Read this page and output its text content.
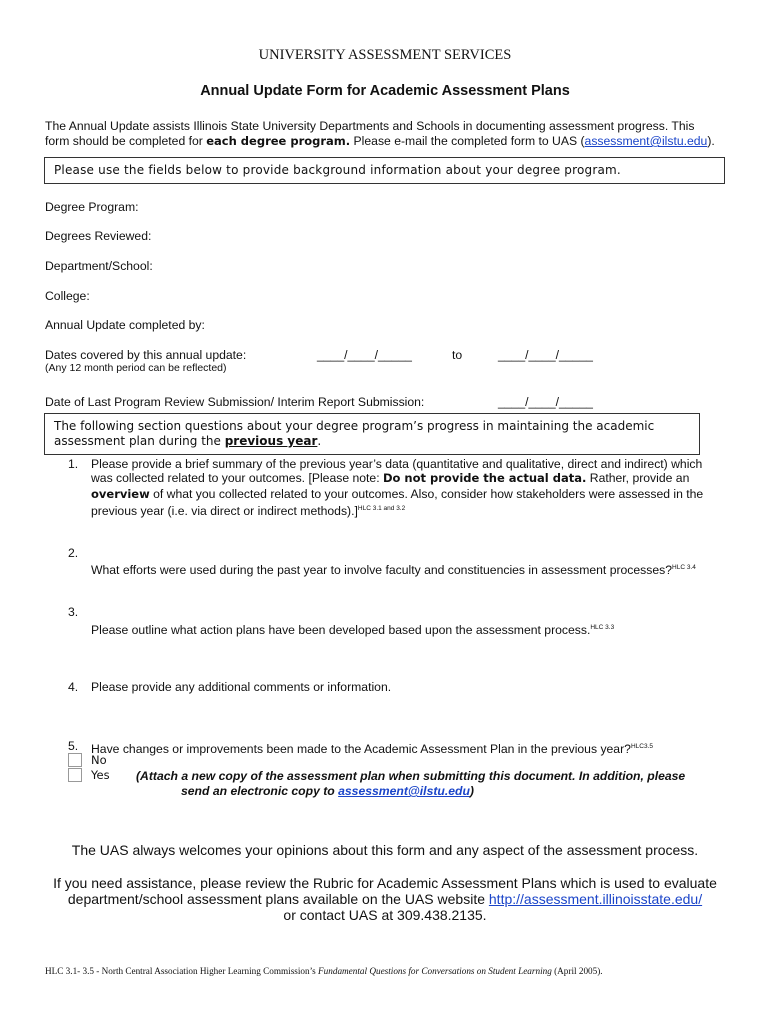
UNIVERSITY ASSESSMENT SERVICES
Annual Update Form for Academic Assessment Plans
The Annual Update assists Illinois State University Departments and Schools in documenting assessment progress. This
form should be completed for each degree program. Please e-mail the completed form to UAS (assessment@ilstu.edu).
Please use the fields below to provide background information about your degree program.
Degree Program:
Degrees Reviewed:
Department/School:
College:
Annual Update completed by:
Dates covered by this annual update:	____/____/_____	to	____/____/_____
(Any 12 month period can be reflected)
Date of Last Program Review Submission/ Interim Report Submission:	____/____/_____
The following section questions about your degree program’s progress in maintaining the academic
assessment plan during the previous year.
1. Please provide a brief summary of the previous year’s data (quantitative and qualitative, direct and indirect) which
was collected related to your outcomes. [Please note: Do not provide the actual data. Rather, provide an
overview of what you collected related to your outcomes. Also, consider how stakeholders were assessed in the
previous year (i.e. via direct or indirect methods).]$^{HLC 3.1 and 3.2}$
2.
What efforts were used during the past year to involve faculty and constituencies in assessment processes?$^{HLC 3.4}$
3.
Please outline what action plans have been developed based upon the assessment process.$^{HLC 3.3}$
4. Please provide any additional comments or information.
5. Have changes or improvements been made to the Academic Assessment Plan in the previous year?$^{HLC3.5}$
No
Yes (Attach a new copy of the assessment plan when submitting this document. In addition, please
send an electronic copy to assessment@ilstu.edu)
The UAS always welcomes your opinions about this form and any aspect of the assessment process.
If you need assistance, please review the Rubric for Academic Assessment Plans which is used to evaluate
department/school assessment plans available on the UAS website http://assessment.illinoisstate.edu/
or contact UAS at 309.438.2135.
HLC 3.1- 3.5 - North Central Association Higher Learning Commission’s Fundamental Questions for Conversations on Student Learning (April 2005).
